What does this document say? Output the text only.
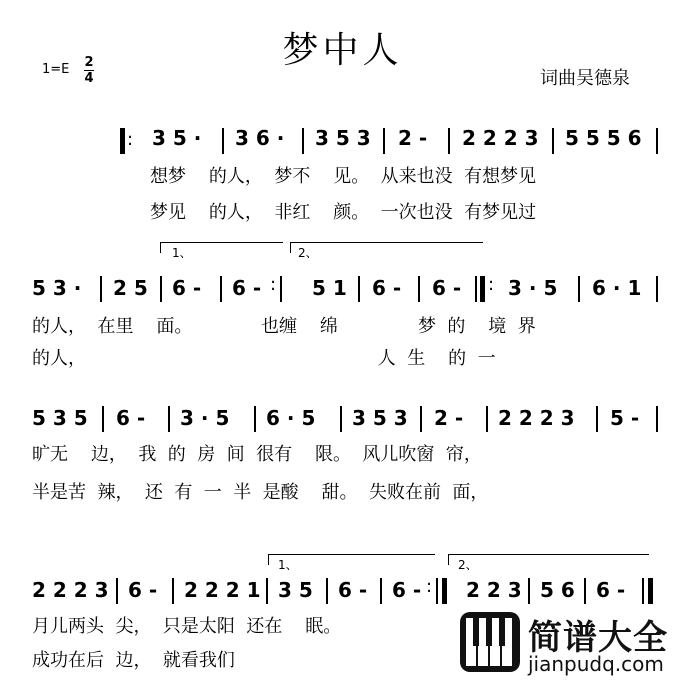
梦中人
1=E 2
4	词曲吴德泉
: 3 5 · 3 6 · 3 5 3 2 - 2 2 2 3 5 5 5 6
想梦    的人，  梦不    见。  从来也没  有想梦见
梦见    的人，  非红    颜。  一次也没  有梦见过
1、	2、
5 3 · 2 5 6 - 6 - : 5 1 6 - 6 - : 3 · 5 6 · 1
的人，  在里    面。            也缠    绵              梦  的    境  界
的人，                                                   人  生    的  一
5 3 5 6 - 3 · 5 6 · 5 3 5 3 2 - 2 2 2 3 5 -
旷无    边，  我  的  房  间  很有    限。  风儿吹窗  帘，
半是苦  辣，  还  有  一  半  是酸    甜。  失败在前  面，
1、	2、
2 2 2 3 6 - 2 2 2 1 3 5 6 - 6 - : 2 2 3 5 6 6 -
月儿两头  尖，  只是太阳  还在    眠。
成功在后  边，  就看我们
简谱大全
jianpudq.com
